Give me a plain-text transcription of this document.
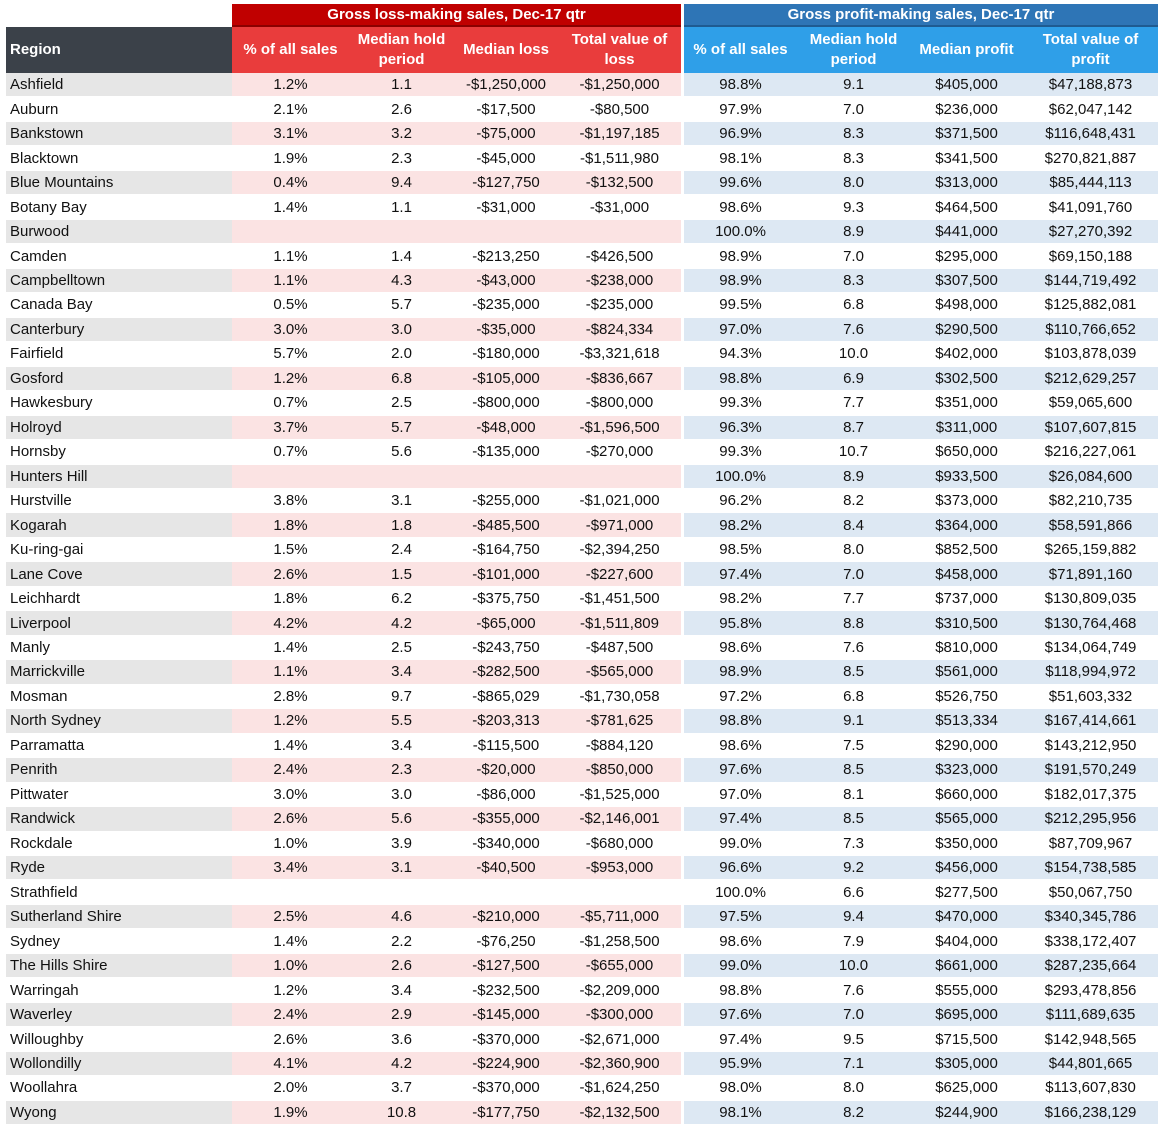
	Gross loss-making sales, Dec-17 qtr					Gross profit-making sales, Dec-17 qtr			
Region	% of all sales	Median hold period	Median loss	Total value of loss		% of all sales	Median hold period	Median profit	Total value of profit
Ashfield	1.2%	1.1	-$1,250,000	-$1,250,000		98.8%	9.1	$405,000	$47,188,873
Auburn	2.1%	2.6	-$17,500	-$80,500		97.9%	7.0	$236,000	$62,047,142
Bankstown	3.1%	3.2	-$75,000	-$1,197,185		96.9%	8.3	$371,500	$116,648,431
Blacktown	1.9%	2.3	-$45,000	-$1,511,980		98.1%	8.3	$341,500	$270,821,887
Blue Mountains	0.4%	9.4	-$127,750	-$132,500		99.6%	8.0	$313,000	$85,444,113
Botany Bay	1.4%	1.1	-$31,000	-$31,000		98.6%	9.3	$464,500	$41,091,760
Burwood						100.0%	8.9	$441,000	$27,270,392
Camden	1.1%	1.4	-$213,250	-$426,500		98.9%	7.0	$295,000	$69,150,188
Campbelltown	1.1%	4.3	-$43,000	-$238,000		98.9%	8.3	$307,500	$144,719,492
Canada Bay	0.5%	5.7	-$235,000	-$235,000		99.5%	6.8	$498,000	$125,882,081
Canterbury	3.0%	3.0	-$35,000	-$824,334		97.0%	7.6	$290,500	$110,766,652
Fairfield	5.7%	2.0	-$180,000	-$3,321,618		94.3%	10.0	$402,000	$103,878,039
Gosford	1.2%	6.8	-$105,000	-$836,667		98.8%	6.9	$302,500	$212,629,257
Hawkesbury	0.7%	2.5	-$800,000	-$800,000		99.3%	7.7	$351,000	$59,065,600
Holroyd	3.7%	5.7	-$48,000	-$1,596,500		96.3%	8.7	$311,000	$107,607,815
Hornsby	0.7%	5.6	-$135,000	-$270,000		99.3%	10.7	$650,000	$216,227,061
Hunters Hill						100.0%	8.9	$933,500	$26,084,600
Hurstville	3.8%	3.1	-$255,000	-$1,021,000		96.2%	8.2	$373,000	$82,210,735
Kogarah	1.8%	1.8	-$485,500	-$971,000		98.2%	8.4	$364,000	$58,591,866
Ku-ring-gai	1.5%	2.4	-$164,750	-$2,394,250		98.5%	8.0	$852,500	$265,159,882
Lane Cove	2.6%	1.5	-$101,000	-$227,600		97.4%	7.0	$458,000	$71,891,160
Leichhardt	1.8%	6.2	-$375,750	-$1,451,500		98.2%	7.7	$737,000	$130,809,035
Liverpool	4.2%	4.2	-$65,000	-$1,511,809		95.8%	8.8	$310,500	$130,764,468
Manly	1.4%	2.5	-$243,750	-$487,500		98.6%	7.6	$810,000	$134,064,749
Marrickville	1.1%	3.4	-$282,500	-$565,000		98.9%	8.5	$561,000	$118,994,972
Mosman	2.8%	9.7	-$865,029	-$1,730,058		97.2%	6.8	$526,750	$51,603,332
North Sydney	1.2%	5.5	-$203,313	-$781,625		98.8%	9.1	$513,334	$167,414,661
Parramatta	1.4%	3.4	-$115,500	-$884,120		98.6%	7.5	$290,000	$143,212,950
Penrith	2.4%	2.3	-$20,000	-$850,000		97.6%	8.5	$323,000	$191,570,249
Pittwater	3.0%	3.0	-$86,000	-$1,525,000		97.0%	8.1	$660,000	$182,017,375
Randwick	2.6%	5.6	-$355,000	-$2,146,001		97.4%	8.5	$565,000	$212,295,956
Rockdale	1.0%	3.9	-$340,000	-$680,000		99.0%	7.3	$350,000	$87,709,967
Ryde	3.4%	3.1	-$40,500	-$953,000		96.6%	9.2	$456,000	$154,738,585
Strathfield						100.0%	6.6	$277,500	$50,067,750
Sutherland Shire	2.5%	4.6	-$210,000	-$5,711,000		97.5%	9.4	$470,000	$340,345,786
Sydney	1.4%	2.2	-$76,250	-$1,258,500		98.6%	7.9	$404,000	$338,172,407
The Hills Shire	1.0%	2.6	-$127,500	-$655,000		99.0%	10.0	$661,000	$287,235,664
Warringah	1.2%	3.4	-$232,500	-$2,209,000		98.8%	7.6	$555,000	$293,478,856
Waverley	2.4%	2.9	-$145,000	-$300,000		97.6%	7.0	$695,000	$111,689,635
Willoughby	2.6%	3.6	-$370,000	-$2,671,000		97.4%	9.5	$715,500	$142,948,565
Wollondilly	4.1%	4.2	-$224,900	-$2,360,900		95.9%	7.1	$305,000	$44,801,665
Woollahra	2.0%	3.7	-$370,000	-$1,624,250		98.0%	8.0	$625,000	$113,607,830
Wyong	1.9%	10.8	-$177,750	-$2,132,500		98.1%	8.2	$244,900	$166,238,129
